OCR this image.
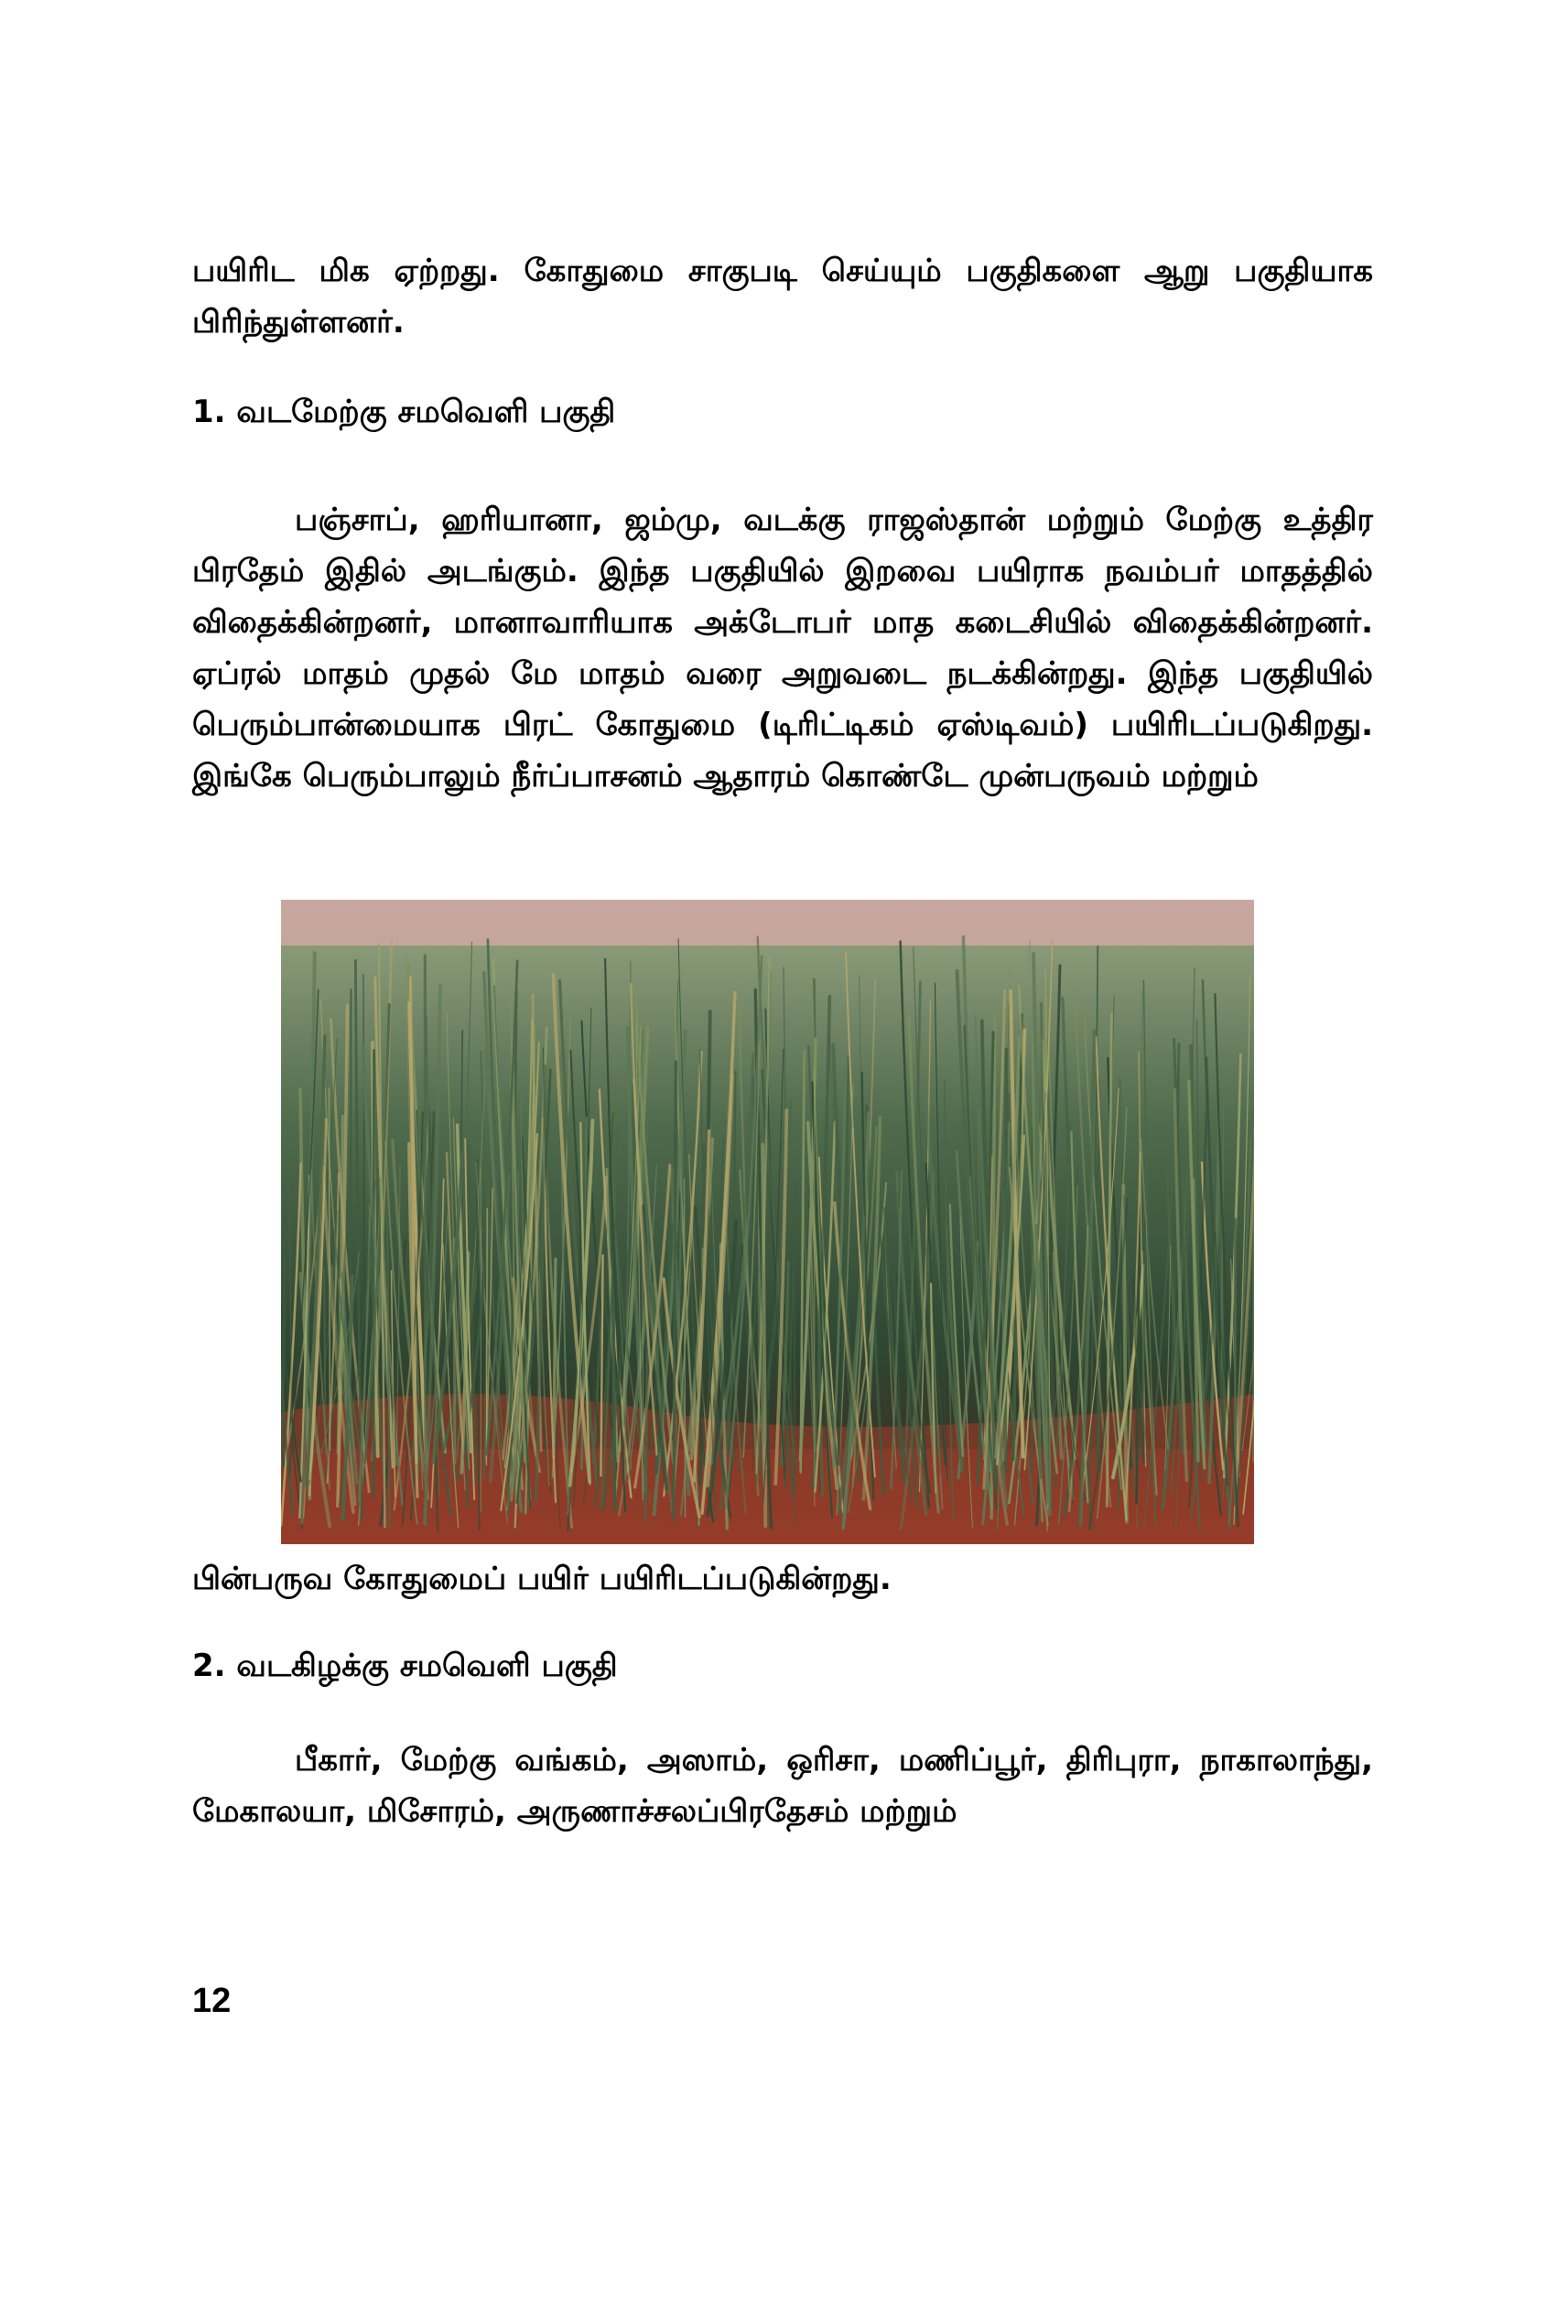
பயிரிட மிக ஏற்றது. கோதுமை சாகுபடி செய்யும் பகுதிகளை ஆறு பகுதியாக பிரிந்துள்ளனர்.

1. வடமேற்கு சமவெளி பகுதி

பஞ்சாப், ஹரியானா, ஜம்மு, வடக்கு ராஜஸ்தான் மற்றும் மேற்கு உத்திர பிரதேம் இதில் அடங்கும். இந்த பகுதியில் இறவை பயிராக நவம்பர் மாதத்தில் விதைக்கின்றனர், மானாவாரியாக அக்டோபர் மாத கடைசியில் விதைக்கின்றனர். ஏப்ரல் மாதம் முதல் மே மாதம் வரை அறுவடை நடக்கின்றது. இந்த பகுதியில் பெரும்பான்மையாக பிரட் கோதுமை (டிரிட்டிகம் ஏஸ்டிவம்) பயிரிடப்படுகிறது. இங்கே பெரும்பாலும் நீர்ப்பாசனம் ஆதாரம் கொண்டே முன்பருவம் மற்றும்

பின்பருவ கோதுமைப் பயிர் பயிரிடப்படுகின்றது.
2. வடகிழக்கு சமவெளி பகுதி

பீகார், மேற்கு வங்கம், அஸாம், ஒரிசா, மணிப்பூர், திரிபுரா, நாகாலாந்து, மேகாலயா, மிசோரம், அருணாச்சலப்பிரதேசம் மற்றும்

12
